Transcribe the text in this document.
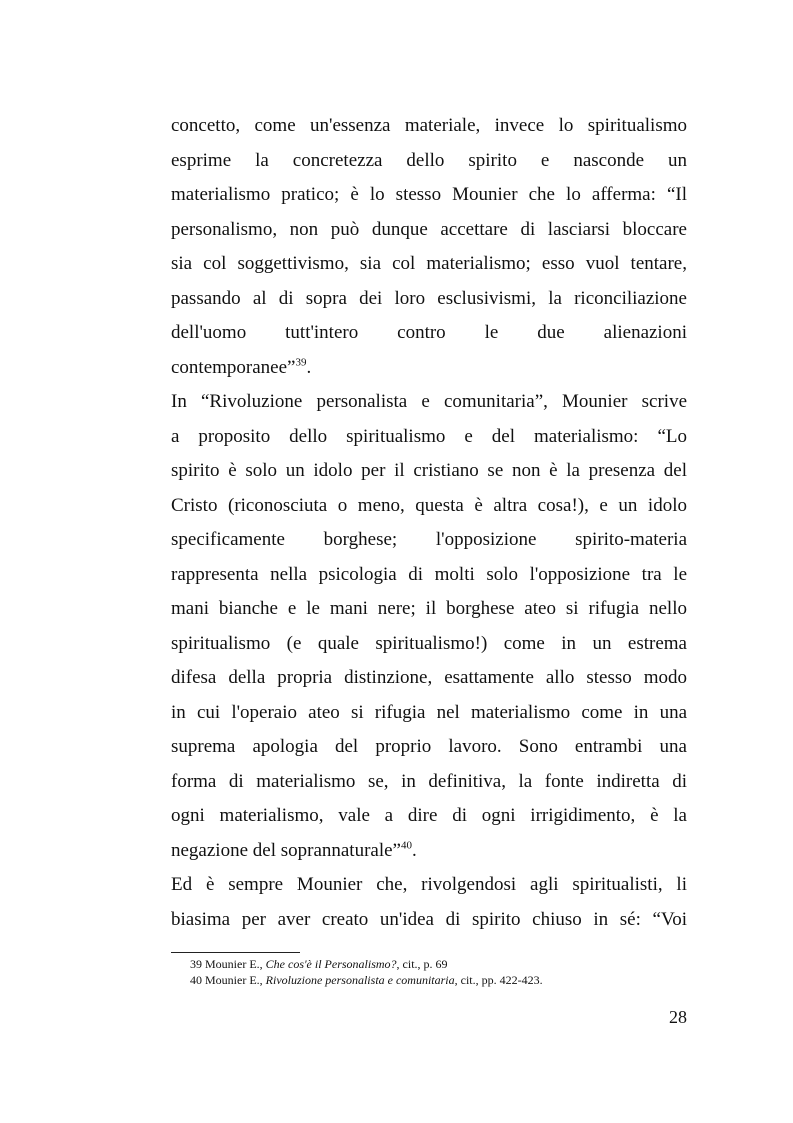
concetto, come un'essenza materiale, invece lo spiritualismo
esprime la concretezza dello spirito e nasconde un
materialismo pratico; è lo stesso Mounier che lo afferma: “Il
personalismo, non può dunque accettare di lasciarsi bloccare
sia col soggettivismo, sia col materialismo; esso vuol tentare,
passando al di sopra dei loro esclusivismi, la riconciliazione
dell'uomo tutt'intero contro le due alienazioni
contemporanee”$^{39}$.
In “Rivoluzione personalista e comunitaria”, Mounier scrive
a proposito dello spiritualismo e del materialismo: “Lo
spirito è solo un idolo per il cristiano se non è la presenza del
Cristo (riconosciuta o meno, questa è altra cosa!), e un idolo
specificamente borghese; l'opposizione spirito-materia
rappresenta nella psicologia di molti solo l'opposizione tra le
mani bianche e le mani nere; il borghese ateo si rifugia nello
spiritualismo (e quale spiritualismo!) come in un estrema
difesa della propria distinzione, esattamente allo stesso modo
in cui l'operaio ateo si rifugia nel materialismo come in una
suprema apologia del proprio lavoro. Sono entrambi una
forma di materialismo se, in definitiva, la fonte indiretta di
ogni materialismo, vale a dire di ogni irrigidimento, è la
negazione del soprannaturale”$^{40}$.
Ed è sempre Mounier che, rivolgendosi agli spiritualisti, li
biasima per aver creato un'idea di spirito chiuso in sé: “Voi
39 Mounier E., Che cos'è il Personalismo?, cit., p. 69
40 Mounier E., Rivoluzione personalista e comunitaria, cit., pp. 422-423.
28
